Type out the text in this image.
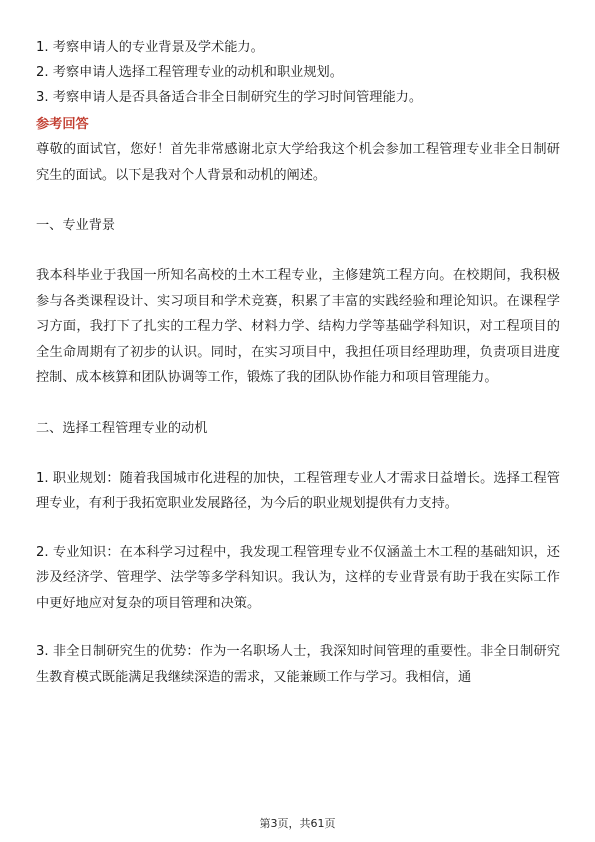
1. 考察申请人的专业背景及学术能力。
2. 考察申请人选择工程管理专业的动机和职业规划。
3. 考察申请人是否具备适合非全日制研究生的学习时间管理能力。
参考回答

尊敬的面试官，您好！首先非常感谢北京大学给我这个机会参加工程管理专业非全日制研究生的面试。以下是我对个人背景和动机的阐述。

一、专业背景

我本科毕业于我国一所知名高校的土木工程专业，主修建筑工程方向。在校期间，我积极参与各类课程设计、实习项目和学术竞赛，积累了丰富的实践经验和理论知识。在课程学习方面，我打下了扎实的工程力学、材料力学、结构力学等基础学科知识，对工程项目的全生命周期有了初步的认识。同时，在实习项目中，我担任项目经理助理，负责项目进度控制、成本核算和团队协调等工作，锻炼了我的团队协作能力和项目管理能力。

二、选择工程管理专业的动机

1. 职业规划：随着我国城市化进程的加快，工程管理专业人才需求日益增长。选择工程管理专业，有利于我拓宽职业发展路径，为今后的职业规划提供有力支持。

2. 专业知识：在本科学习过程中，我发现工程管理专业不仅涵盖土木工程的基础知识，还涉及经济学、管理学、法学等多学科知识。我认为，这样的专业背景有助于我在实际工作中更好地应对复杂的项目管理和决策。

3. 非全日制研究生的优势：作为一名职场人士，我深知时间管理的重要性。非全日制研究生教育模式既能满足我继续深造的需求，又能兼顾工作与学习。我相信，通

第3页，共61页
